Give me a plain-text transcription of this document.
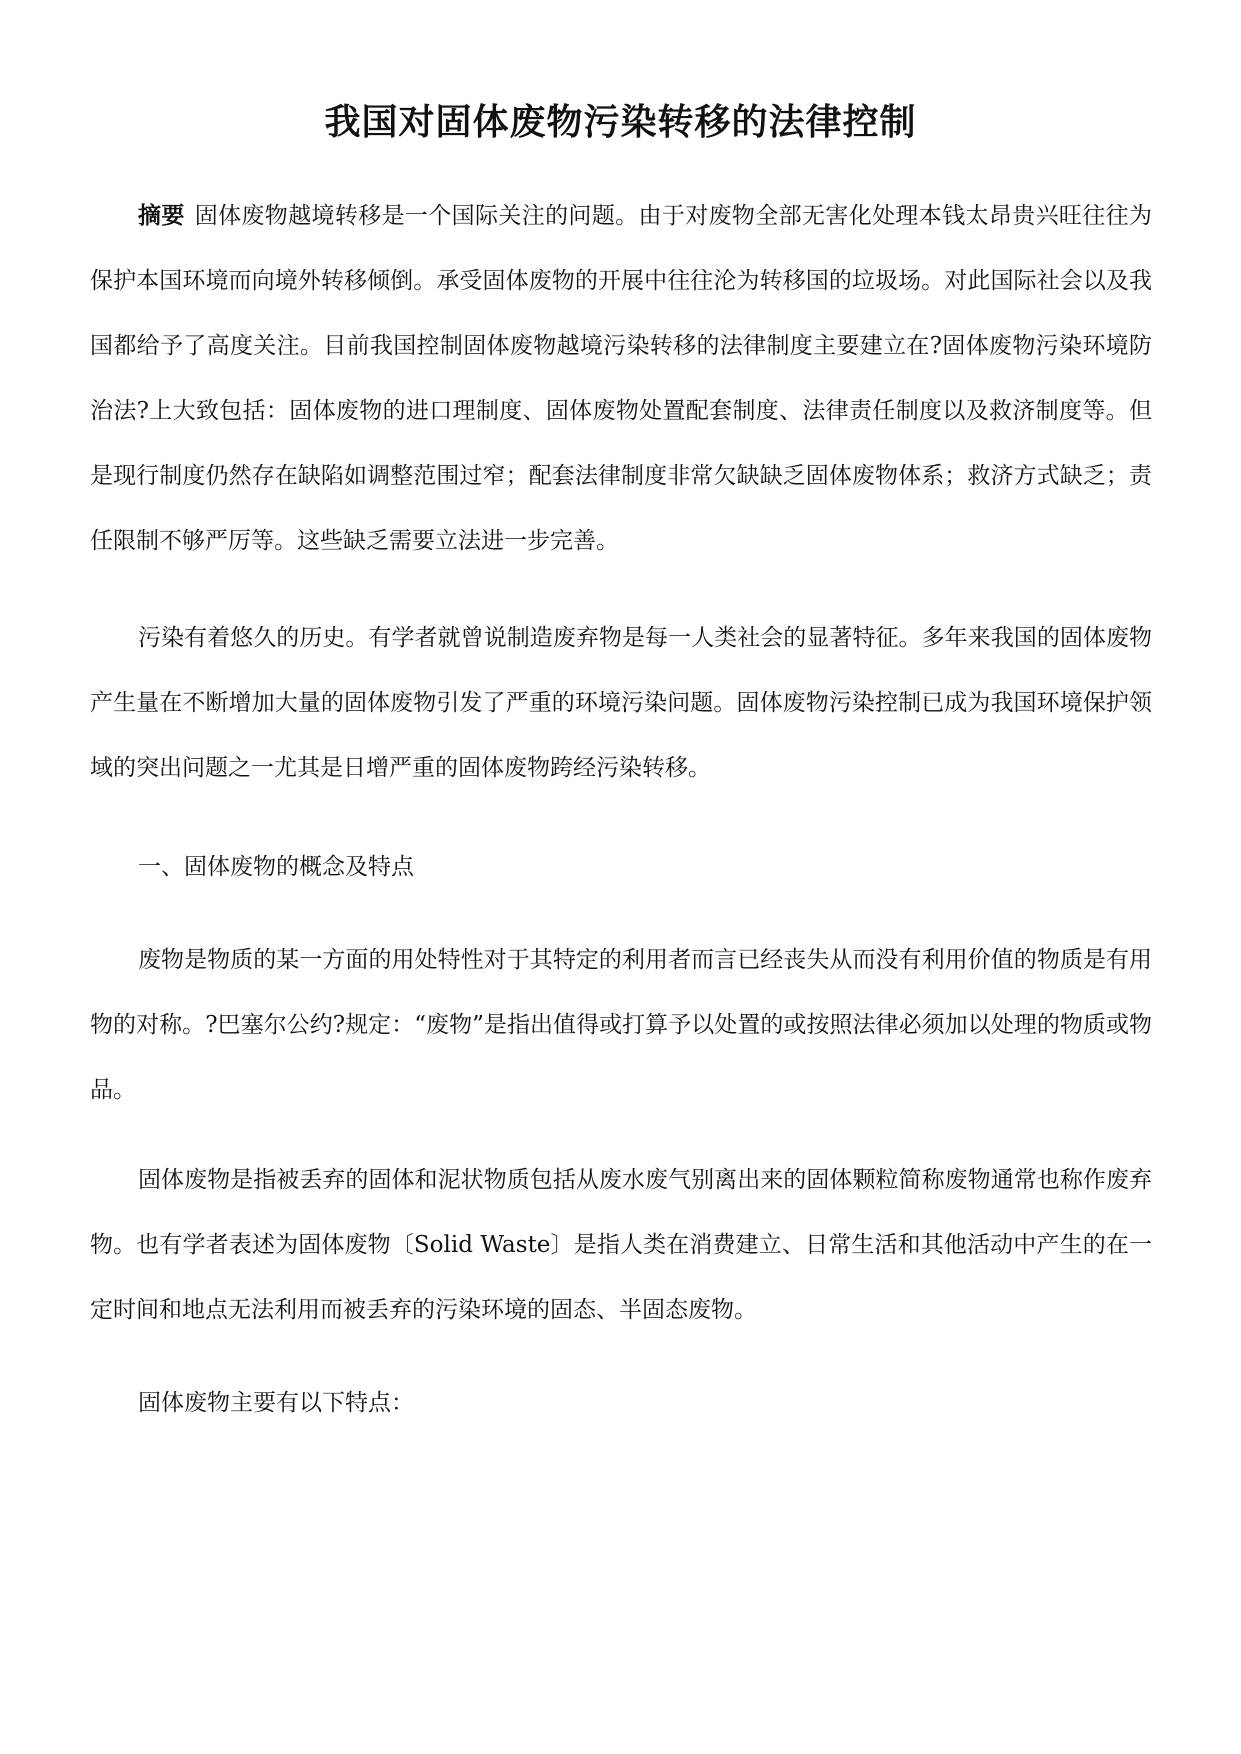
我国对固体废物污染转移的法律控制

摘要 固体废物越境转移是一个国际关注的问题。由于对废物全部无害化处理本钱太昂贵兴旺往往为保护本国环境而向境外转移倾倒。承受固体废物的开展中往往沦为转移国的垃圾场。对此国际社会以及我国都给予了高度关注。目前我国控制固体废物越境污染转移的法律制度主要建立在?固体废物污染环境防治法?上大致包括：固体废物的进口理制度、固体废物处置配套制度、法律责任制度以及救济制度等。但是现行制度仍然存在缺陷如调整范围过窄；配套法律制度非常欠缺缺乏固体废物体系；救济方式缺乏；责任限制不够严厉等。这些缺乏需要立法进一步完善。

污染有着悠久的历史。有学者就曾说制造废弃物是每一人类社会的显著特征。多年来我国的固体废物产生量在不断增加大量的固体废物引发了严重的环境污染问题。固体废物污染控制已成为我国环境保护领域的突出问题之一尤其是日增严重的固体废物跨经污染转移。

一、固体废物的概念及特点

废物是物质的某一方面的用处特性对于其特定的利用者而言已经丧失从而没有利用价值的物质是有用物的对称。?巴塞尔公约?规定：“废物”是指出值得或打算予以处置的或按照法律必须加以处理的物质或物品。

固体废物是指被丢弃的固体和泥状物质包括从废水废气别离出来的固体颗粒简称废物通常也称作废弃物。也有学者表述为固体废物〔Solid Waste〕是指人类在消费建立、日常生活和其他活动中产生的在一定时间和地点无法利用而被丢弃的污染环境的固态、半固态废物。

固体废物主要有以下特点：
